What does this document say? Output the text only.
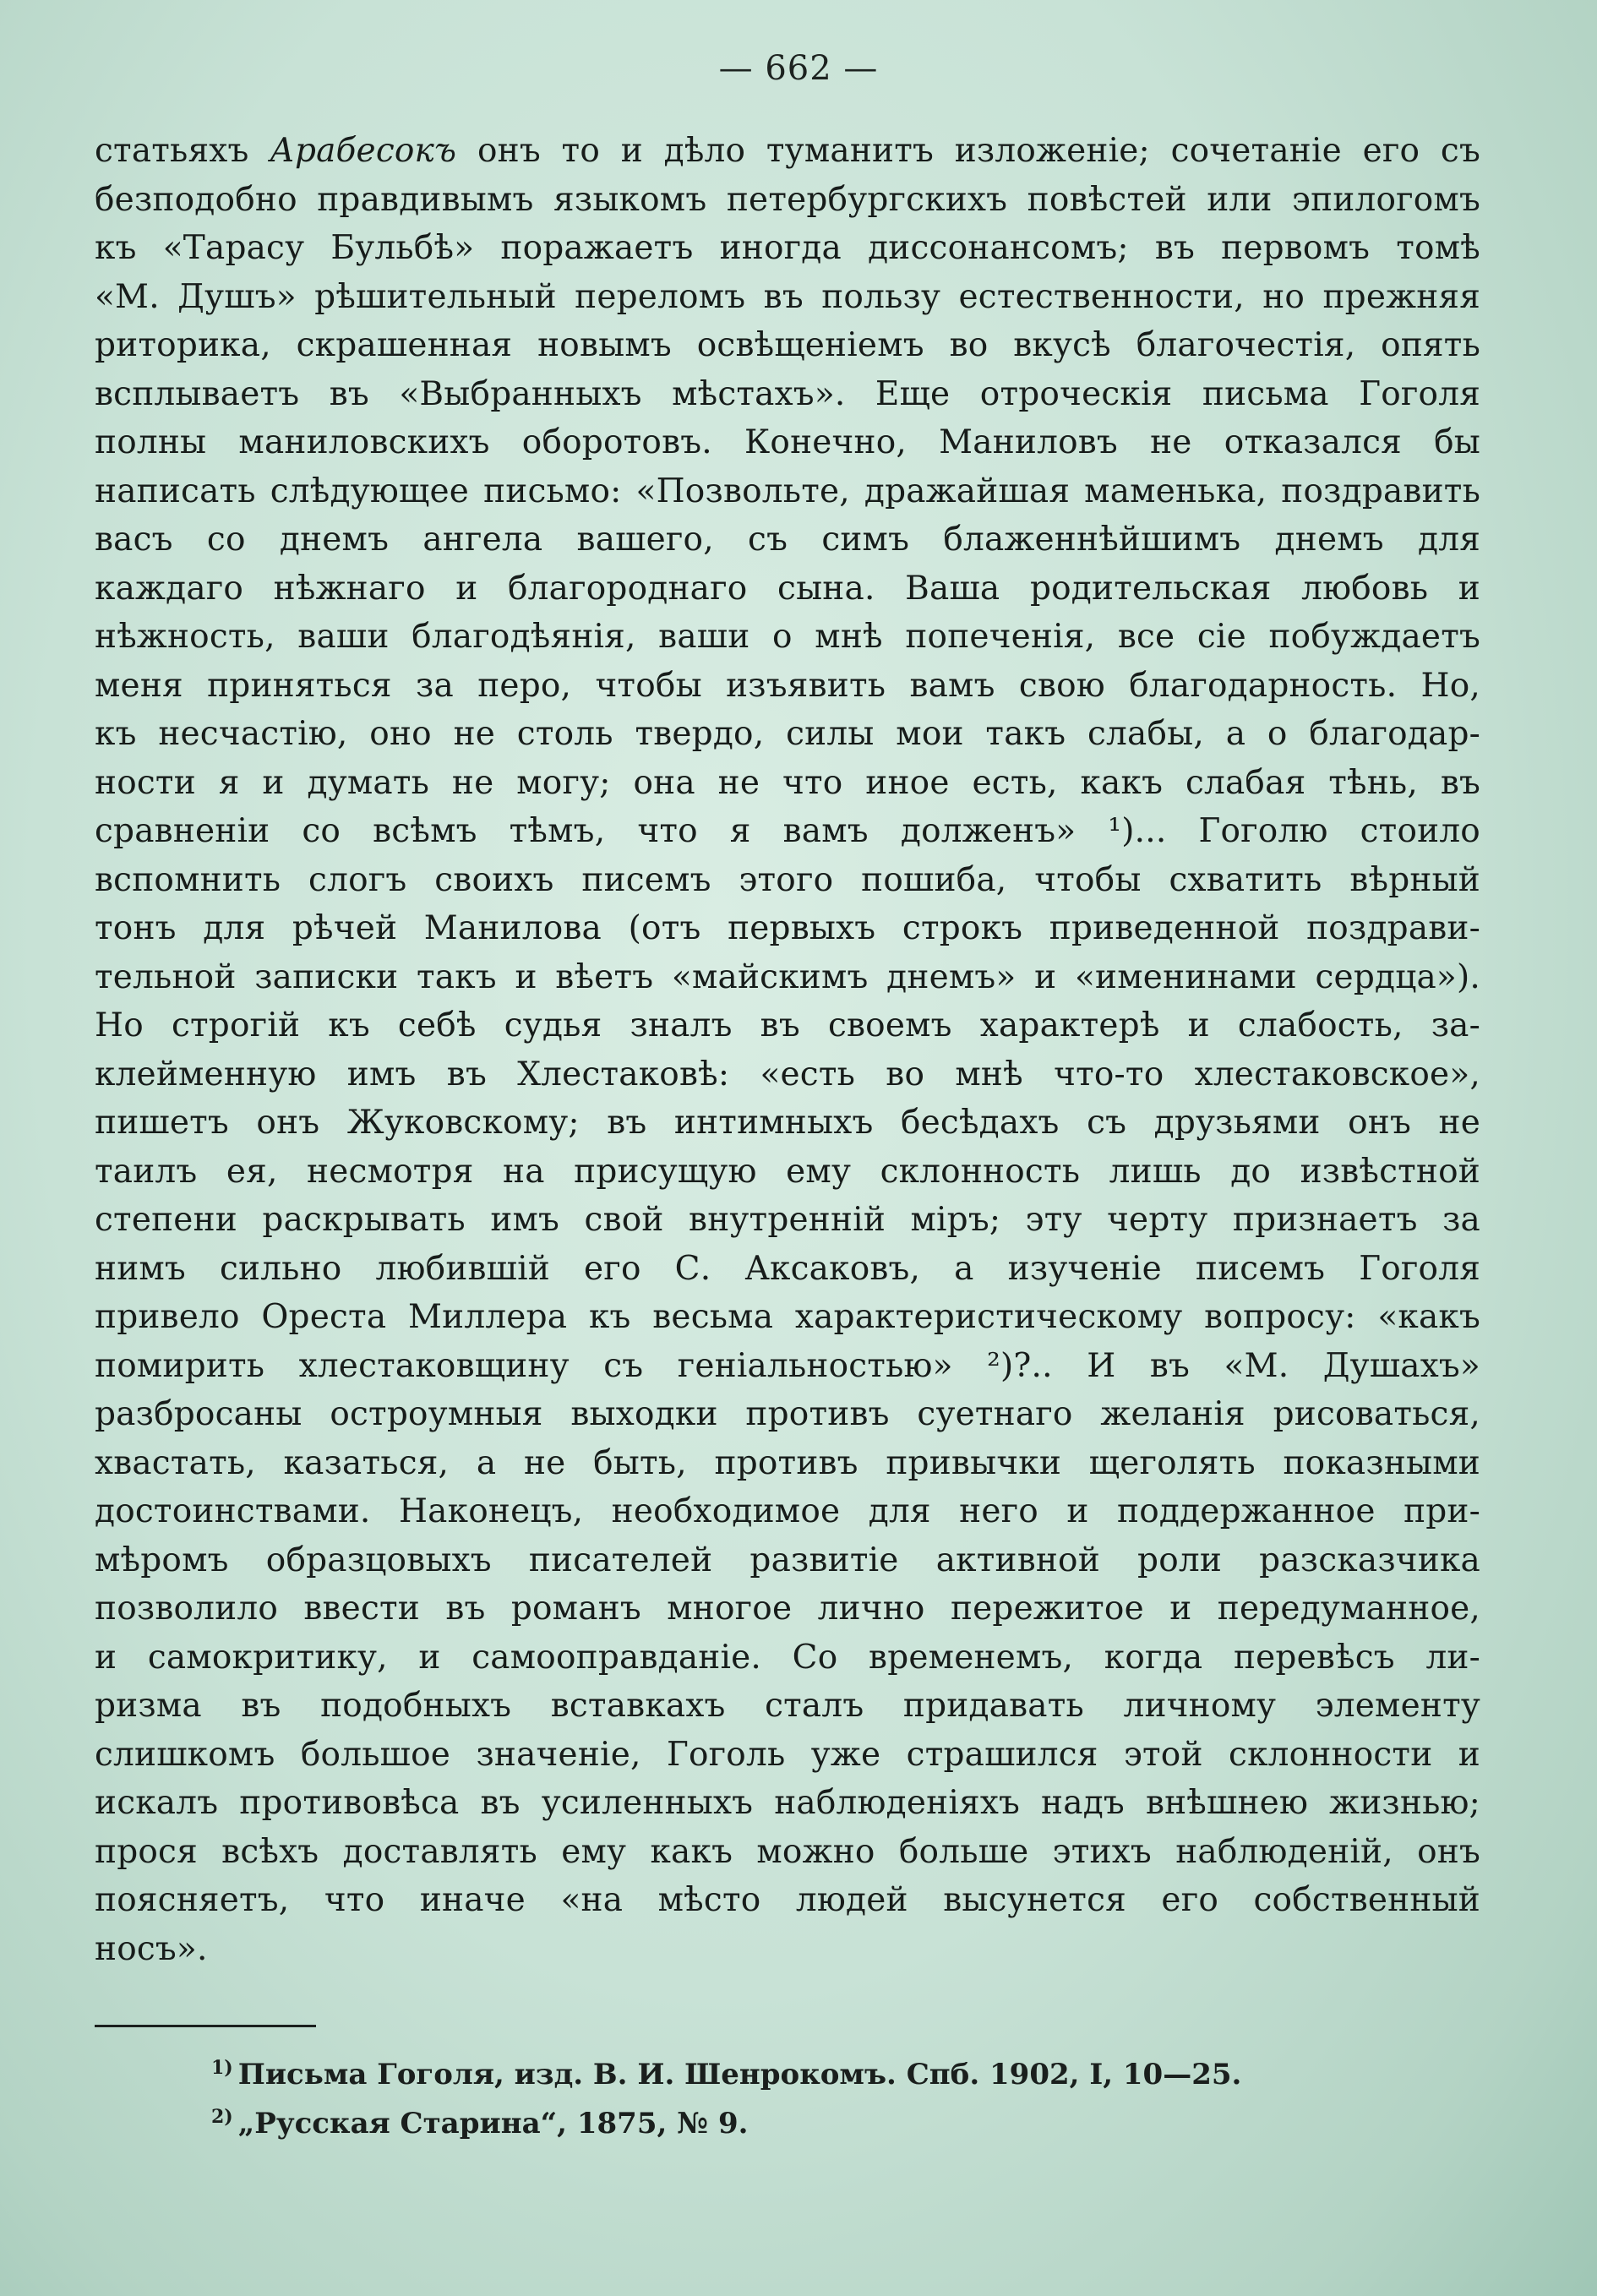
— 662 —
статьяхъ Арабесокъ онъ то и дѣло туманитъ изложеніе; сочетаніе его съ
безподобно правдивымъ языкомъ петербургскихъ повѣстей или эпилогомъ
къ «Тарасу Бульбѣ» поражаетъ иногда диссонансомъ; въ первомъ томѣ
«М. Душъ» рѣшительный переломъ въ пользу естественности, но прежняя
риторика, скрашенная новымъ освѣщеніемъ во вкусѣ благочестія, опять
всплываетъ въ «Выбранныхъ мѣстахъ». Еще отроческія письма Гоголя
полны маниловскихъ оборотовъ. Конечно, Маниловъ не отказался бы
написать слѣдующее письмо: «Позвольте, дражайшая маменька, поздравить
васъ со днемъ ангела вашего, съ симъ блаженнѣйшимъ днемъ для
каждаго нѣжнаго и благороднаго сына. Ваша родительская любовь и
нѣжность, ваши благодѣянія, ваши о мнѣ попеченія, все сіе побуждаетъ
меня приняться за перо, чтобы изъявить вамъ свою благодарность. Но,
къ несчастію, оно не столь твердо, силы мои такъ слабы, а о благодар-
ности я и думать не могу; она не что иное есть, какъ слабая тѣнь, въ
сравненіи со всѣмъ тѣмъ, что я вамъ долженъ» ¹)... Гоголю стоило
вспомнить слогъ своихъ писемъ этого пошиба, чтобы схватить вѣрный
тонъ для рѣчей Манилова (отъ первыхъ строкъ приведенной поздрави-
тельной записки такъ и вѣетъ «майскимъ днемъ» и «именинами сердца»).
Но строгій къ себѣ судья зналъ въ своемъ характерѣ и слабость, за-
клейменную имъ въ Хлестаковѣ: «есть во мнѣ что-то хлестаковское»,
пишетъ онъ Жуковскому; въ интимныхъ бесѣдахъ съ друзьями онъ не
таилъ ея, несмотря на присущую ему склонность лишь до извѣстной
степени раскрывать имъ свой внутренній міръ; эту черту признаетъ за
нимъ сильно любившій его С. Аксаковъ, а изученіе писемъ Гоголя
привело Ореста Миллера къ весьма характеристическому вопросу: «какъ
помирить хлестаковщину съ геніальностью» ²)?.. И въ «М. Душахъ»
разбросаны остроумныя выходки противъ суетнаго желанія рисоваться,
хвастать, казаться, а не быть, противъ привычки щеголять показными
достоинствами. Наконецъ, необходимое для него и поддержанное при-
мѣромъ образцовыхъ писателей развитіе активной роли разсказчика
позволило ввести въ романъ многое лично пережитое и передуманное,
и самокритику, и самооправданіе. Со временемъ, когда перевѣсъ ли-
ризма въ подобныхъ вставкахъ сталъ придавать личному элементу
слишкомъ большое значеніе, Гоголь уже страшился этой склонности и
искалъ противовѣса въ усиленныхъ наблюденіяхъ надъ внѣшнею жизнью;
прося всѣхъ доставлять ему какъ можно больше этихъ наблюденій, онъ
поясняетъ, что иначе «на мѣсто людей высунется его собственный
носъ».
$^{1)}$ Письма Гоголя, изд. В. И. Шенрокомъ. Спб. 1902, I, 10—25.
$^{2)}$ „Русская Старина“, 1875, № 9.
